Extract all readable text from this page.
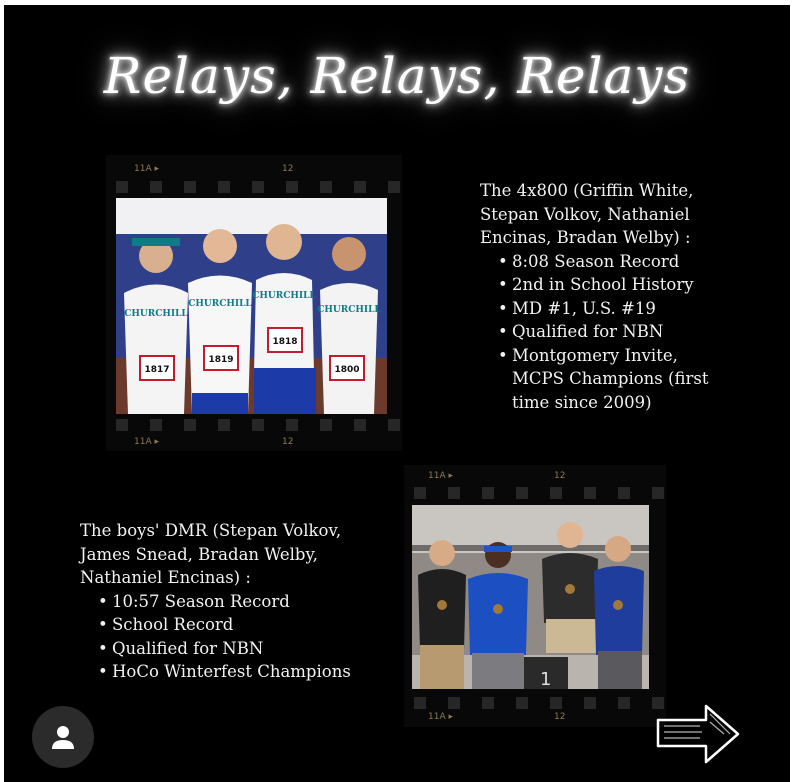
Relays, Relays, Relays
11A ▸	12
11A ▸	12
1817
1819
1818
1800
CHURCHILL
CHURCHILL
CHURCHILL
CHURCHILL
The 4x800 (Griffin White, Stepan Volkov, Nathaniel Encinas, Bradan Welby) :
• 8:08 Season Record
• 2nd in School History
• MD #1, U.S. #19
• Qualified for NBN
• Montgomery Invite, MCPS Champions (first time since 2009)
11A ▸	12
11A ▸	12
1
The boys' DMR (Stepan Volkov, James Snead, Bradan Welby, Nathaniel Encinas) :
• 10:57 Season Record
• School Record
• Qualified for NBN
• HoCo Winterfest Champions
